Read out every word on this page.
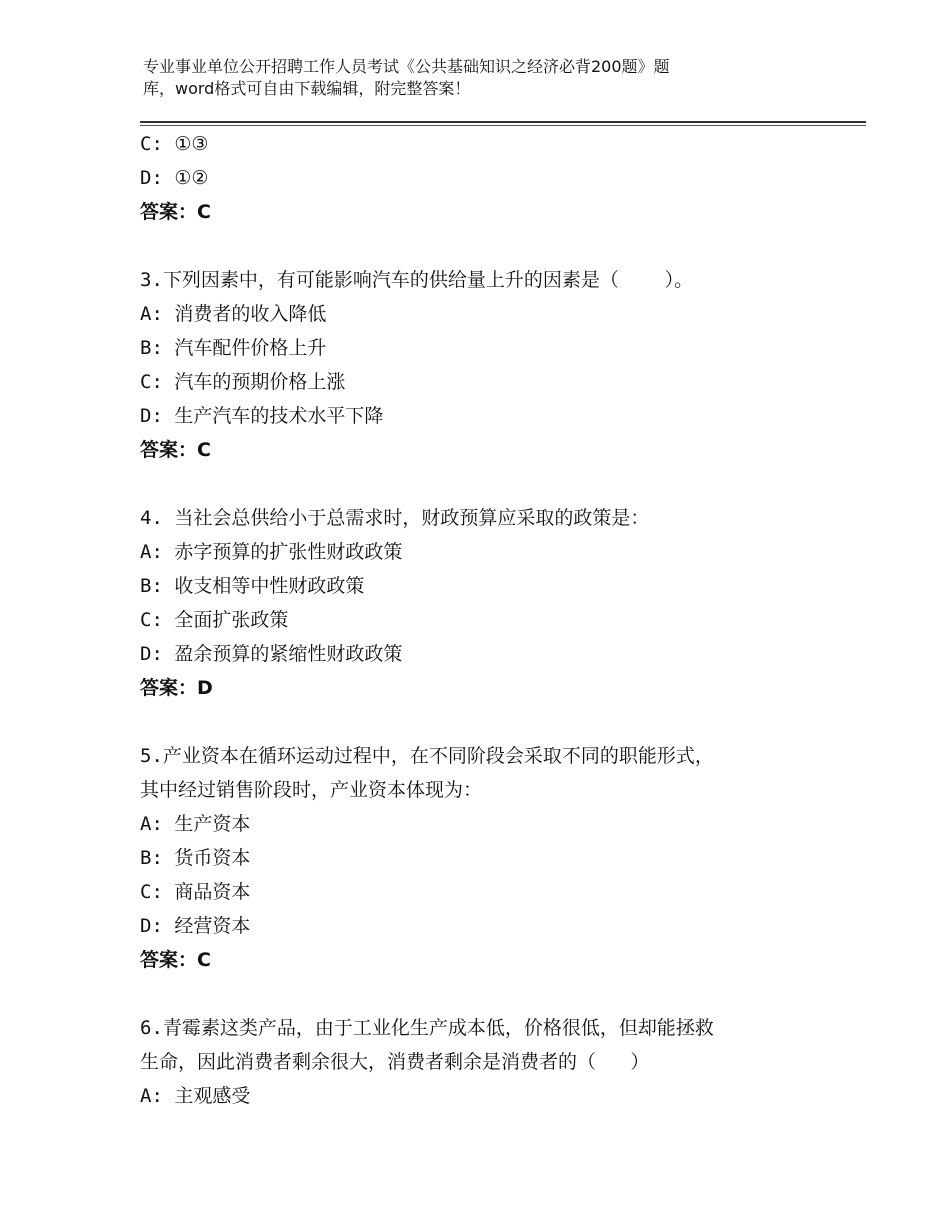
专业事业单位公开招聘工作人员考试《公共基础知识之经济必背200题》题
库，word格式可自由下载编辑，附完整答案！
C: ①③
D: ①②
答案：C
3.下列因素中，有可能影响汽车的供给量上升的因素是（    ）。
A: 消费者的收入降低
B: 汽车配件价格上升
C: 汽车的预期价格上涨
D: 生产汽车的技术水平下降
答案：C
4. 当社会总供给小于总需求时，财政预算应采取的政策是：
A: 赤字预算的扩张性财政政策
B: 收支相等中性财政政策
C: 全面扩张政策
D: 盈余预算的紧缩性财政政策
答案：D
5.产业资本在循环运动过程中，在不同阶段会采取不同的职能形式，
其中经过销售阶段时，产业资本体现为：
A: 生产资本
B: 货币资本
C: 商品资本
D: 经营资本
答案：C
6.青霉素这类产品，由于工业化生产成本低，价格很低，但却能拯救
生命，因此消费者剩余很大，消费者剩余是消费者的（   ）
A: 主观感受
